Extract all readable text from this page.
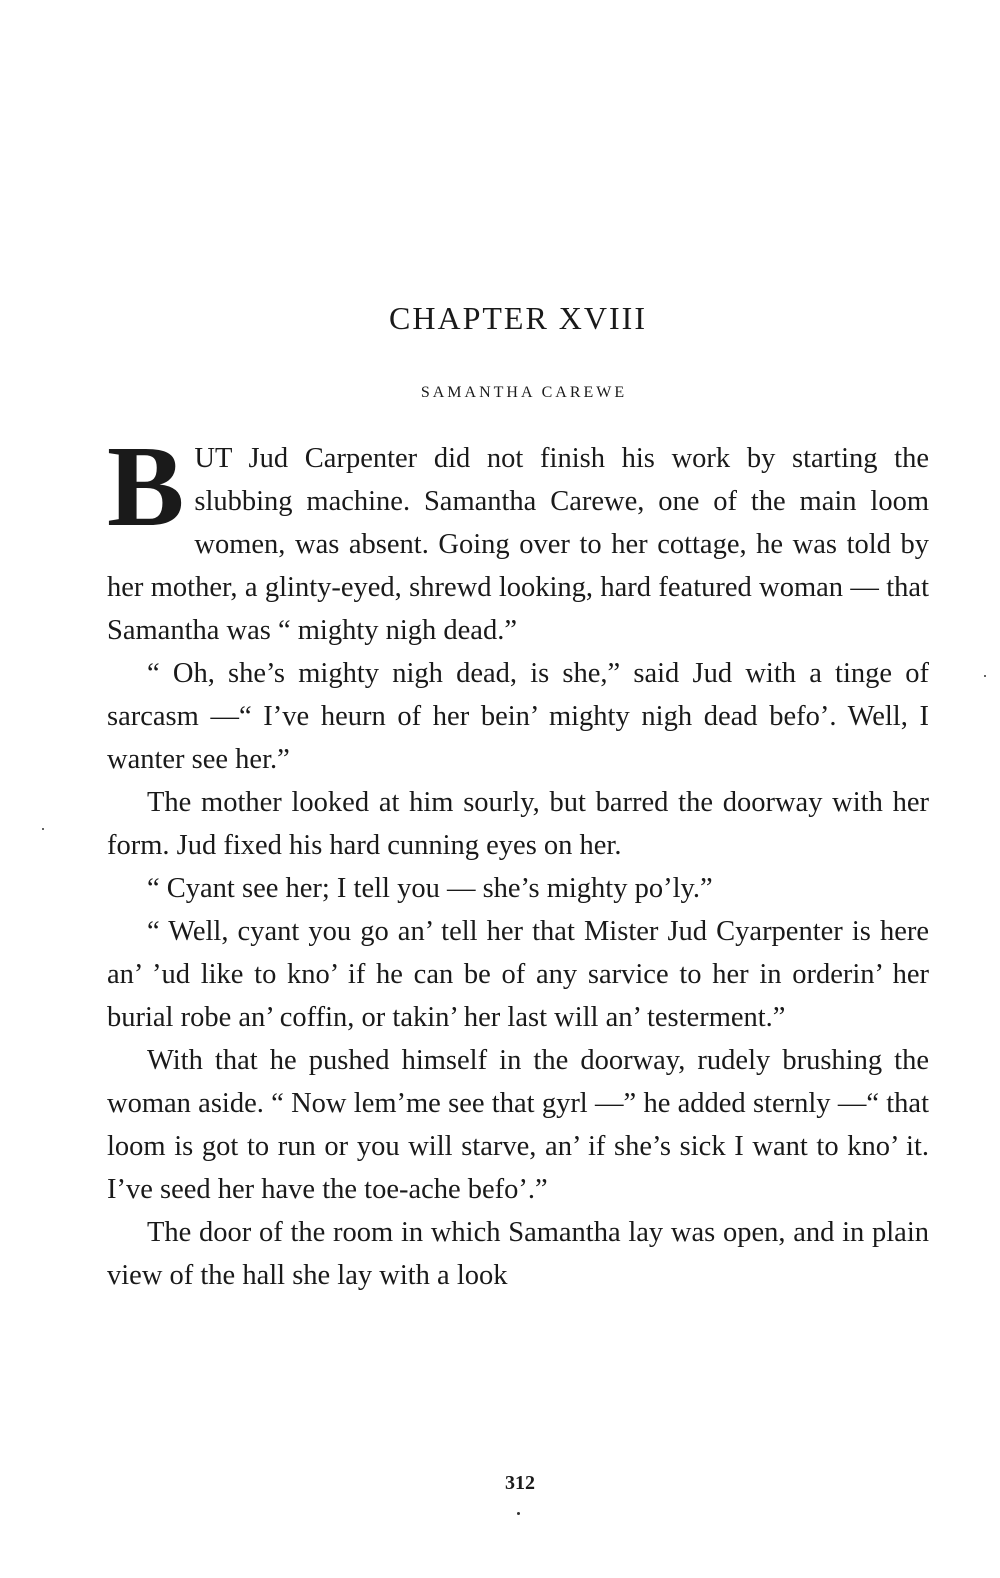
CHAPTER XVIII
SAMANTHA CAREWE

BUT Jud Carpenter did not finish his work by starting the slubbing machine. Samantha Carewe, one of the main loom women, was absent. Going over to her cottage, he was told by her mother, a glinty-eyed, shrewd looking, hard featured woman — that Samantha was “ mighty nigh dead.”

“ Oh, she’s mighty nigh dead, is she,” said Jud with a tinge of sarcasm —“ I’ve heurn of her bein’ mighty nigh dead befo’. Well, I wanter see her.”

The mother looked at him sourly, but barred the doorway with her form. Jud fixed his hard cunning eyes on her.

“ Cyant see her; I tell you — she’s mighty po’ly.”

“ Well, cyant you go an’ tell her that Mister Jud Cyarpenter is here an’ ’ud like to kno’ if he can be of any sarvice to her in orderin’ her burial robe an’ coffin, or takin’ her last will an’ testerment.”

With that he pushed himself in the doorway, rudely brushing the woman aside. “ Now lem’me see that gyrl —” he added sternly —“ that loom is got to run or you will starve, an’ if she’s sick I want to kno’ it. I’ve seed her have the toe-ache befo’.”

The door of the room in which Samantha lay was open, and in plain view of the hall she lay with a look

312
